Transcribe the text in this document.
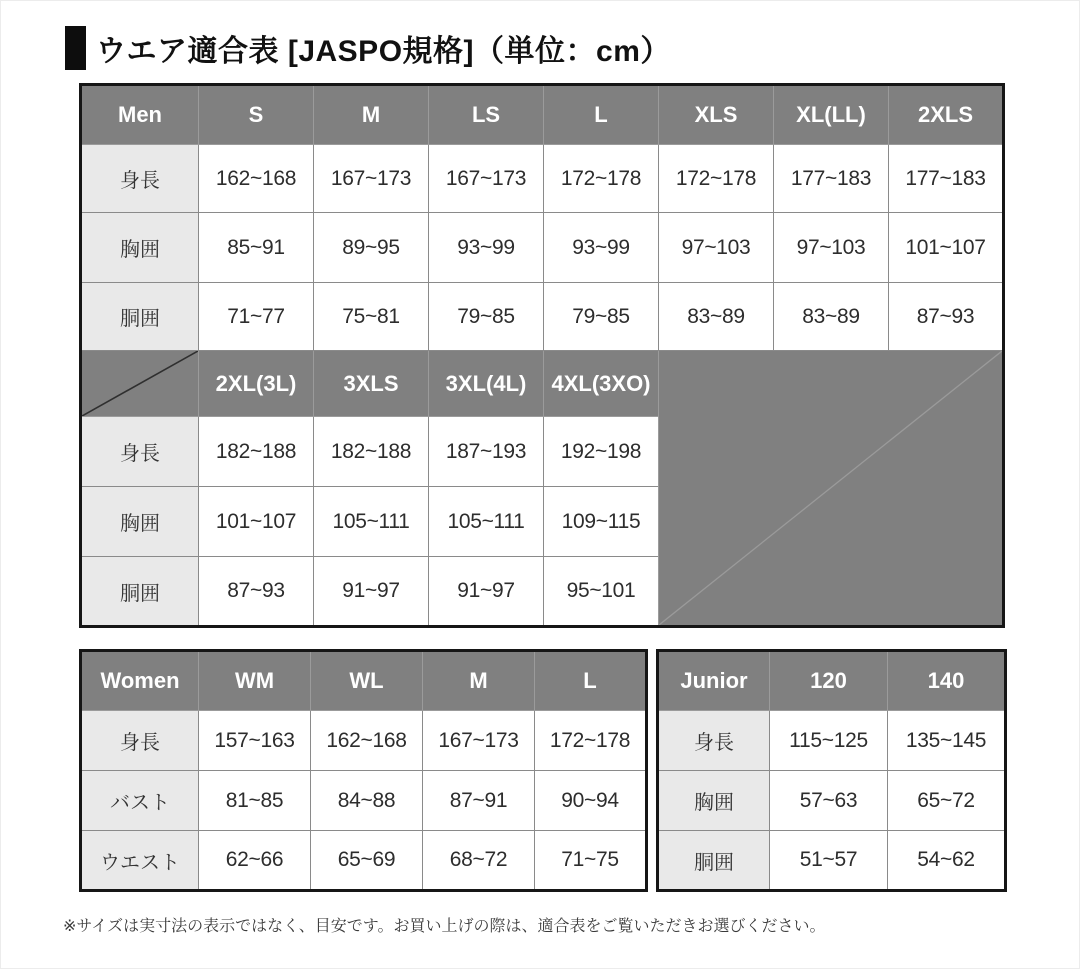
ウエア適合表 [JASPO規格]（単位：cm）
Men	S	M	LS	L	XLS	XL(LL)	2XLS
身長	162~168	167~173	167~173	172~178	172~178	177~183	177~183
胸囲	85~91	89~95	93~99	93~99	97~103	97~103	101~107
胴囲	71~77	75~81	79~85	79~85	83~89	83~89	87~93

	2XL(3L)	3XLS	3XL(4L)	4XL(3XO)	

身長	182~188	182~188	187~193	192~198			
胸囲	101~107	105~111	105~111	109~115			
胴囲	87~93	91~97	91~97	95~101			
Women	WM	WL	M	L
身長	157~163	162~168	167~173	172~178
バスト	81~85	84~88	87~91	90~94
ウエスト	62~66	65~69	68~72	71~75
Junior	120	140
身長	115~125	135~145
胸囲	57~63	65~72
胴囲	51~57	54~62
※サイズは実寸法の表示ではなく、目安です。お買い上げの際は、適合表をご覧いただきお選びください。
